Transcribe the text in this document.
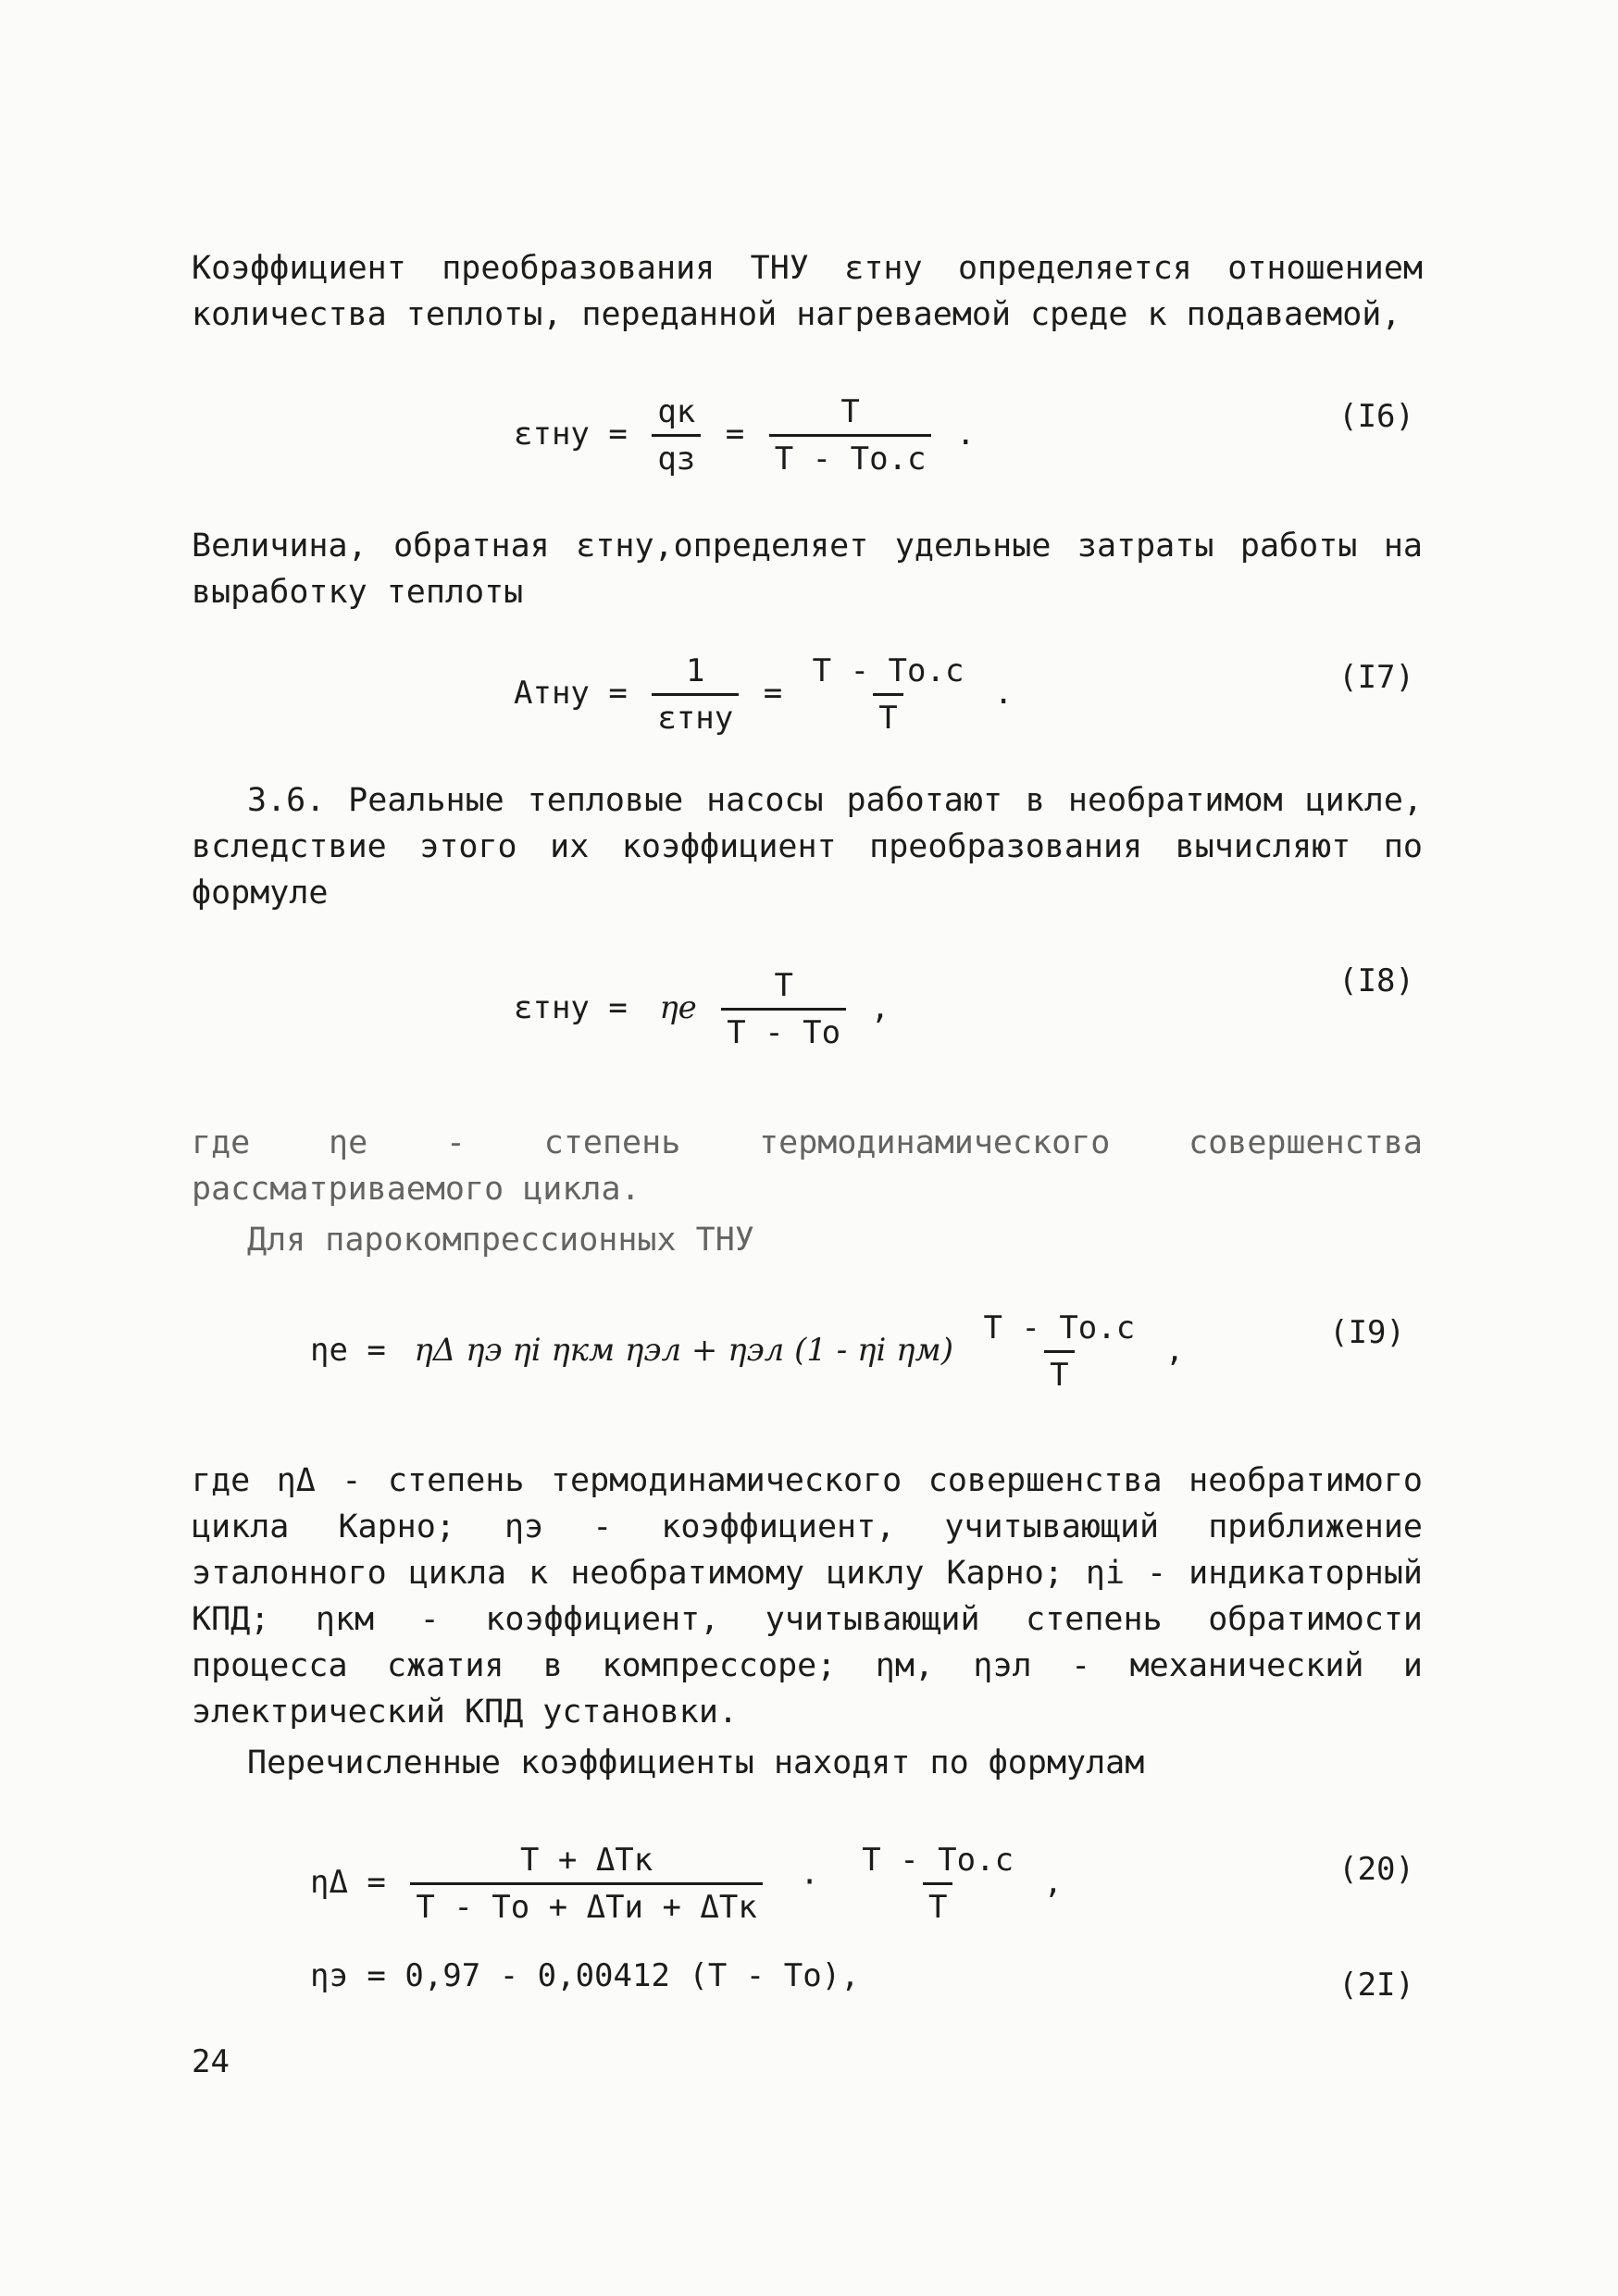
Коэффициент преобразования ТНУ εтну определяется отношением количества теплоты, переданной нагреваемой среде к подаваемой,

$\varepsilon тну = \frac{qк}{qз} = \frac{Т}{Т - То.с}$ .	(I6)

Величина, обратная εтну,определяет удельные затраты работы на выработку теплоты

Атну = $\frac{1}{\text{εтну}} = \frac{Т - То.с}{Т}$ .	(I7)

3.6. Реальные тепловые насосы работают в необратимом цикле, вследствие этого их коэффициент преобразования вычисляют по формуле

εтну = ηе $\frac{Т}{Т - То}$ ,
(I8)

где ηе - степень термодинамического совершенства рассматриваемого цикла.

Для парокомпрессионных ТНУ

ηе = ηΔ ηэ ηi ηкм ηэл + ηэл (1 - ηi $\eta м) \frac{Т - То.с}{Т}$ ,	(I9)

где ηΔ - степень термодинамического совершенства необратимого цикла Карно; ηэ - коэффициент, учитывающий приближение эталонного цикла к необратимому циклу Карно; ηi - индикаторный КПД; ηкм - коэффициент, учитывающий степень обратимости процесса сжатия в компрессоре; ηм, ηэл - механический и электрический КПД установки.

Перечисленные коэффициенты находят по формулам

$\eta\Delta = \frac{\text{Т + ΔТк}}{\text{Т - То + ΔТи + ΔТк}} \cdot \frac{Т - То.с}{Т}$ ,	(20)
ηэ = 0,97 - 0,00412 (Т - То),	(2I)
24
